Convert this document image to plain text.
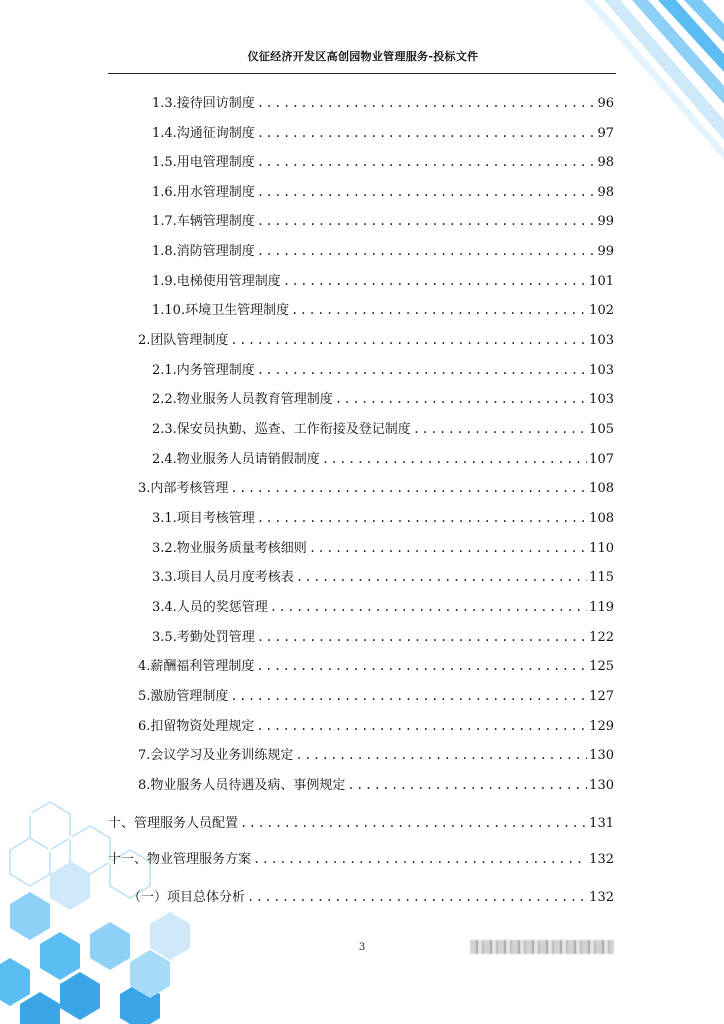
仪征经济开发区高创园物业管理服务-投标文件
1.3.接待回访制度 .....	96
1.4.沟通征询制度 .....	97
1.5.用电管理制度 .....	98
1.6.用水管理制度 .....	98
1.7.车辆管理制度 .....	99
1.8.消防管理制度 .....	99
1.9.电梯使用管理制度 .....	101
1.10.环境卫生管理制度 .....	102
2.团队管理制度 .....	103
2.1.内务管理制度 .....	103
2.2.物业服务人员教育管理制度 .....	103
2.3.保安员执勤、巡查、工作衔接及登记制度 .....	105
2.4.物业服务人员请销假制度 .....	107
3.内部考核管理 .....	108
3.1.项目考核管理 .....	108
3.2.物业服务质量考核细则 .....	110
3.3.项目人员月度考核表 .....	115
3.4.人员的奖惩管理 .....	119
3.5.考勤处罚管理 .....	122
4.薪酬福利管理制度 .....	125
5.激励管理制度 .....	127
6.扣留物资处理规定 .....	129
7.会议学习及业务训练规定 .....	130
8.物业服务人员待遇及病、事例规定 .....	130
十、管理服务人员配置 .....	131
十一、物业管理服务方案 .....	132
（一）项目总体分析 .....	132
3
